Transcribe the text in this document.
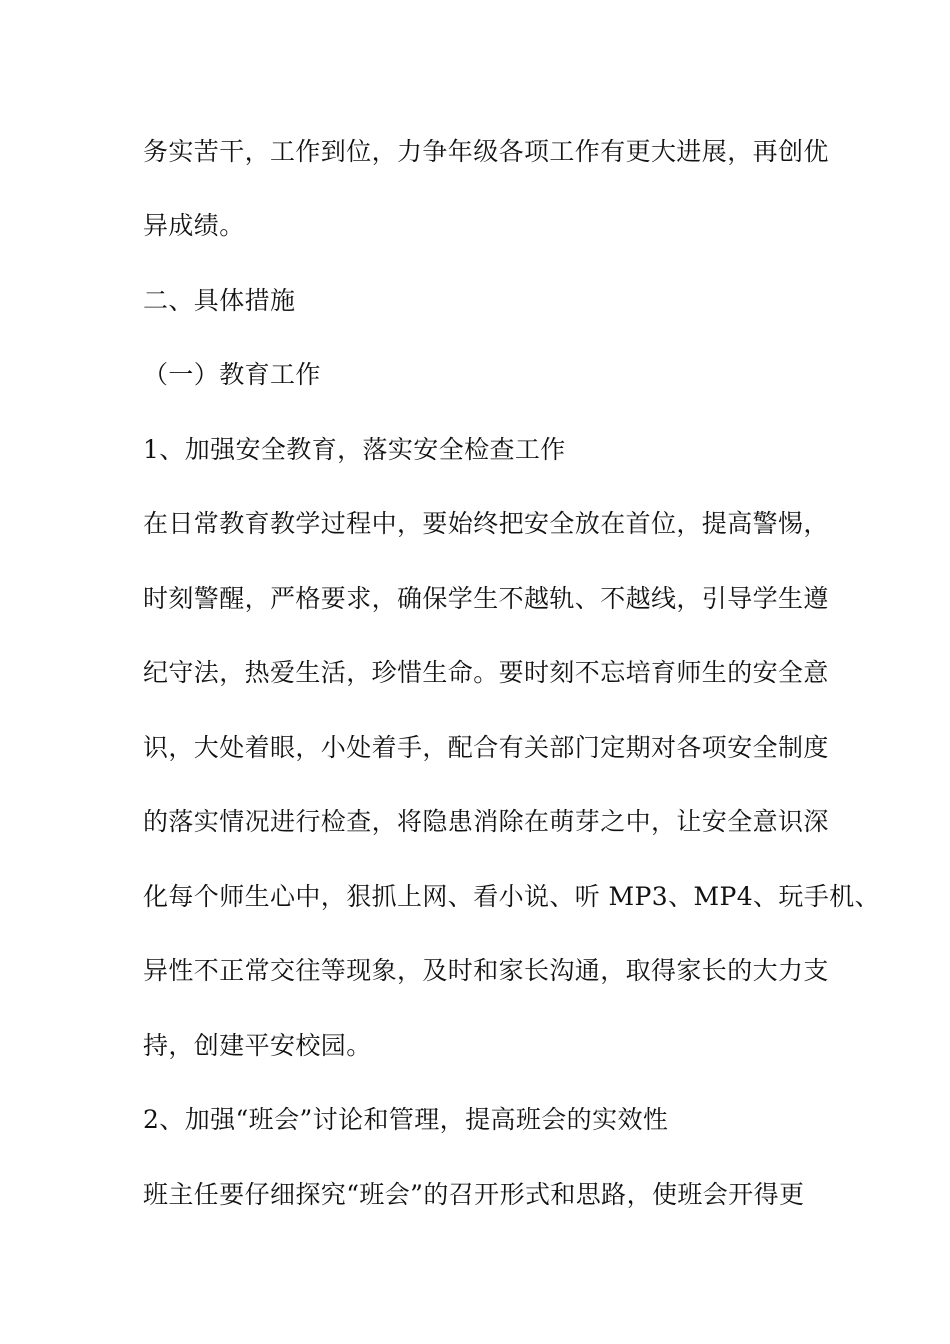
务实苦干，工作到位，力争年级各项工作有更大进展，再创优
异成绩。
二、具体措施
（一）教育工作
1、加强安全教育，落实安全检查工作
在日常教育教学过程中，要始终把安全放在首位，提高警惕，
时刻警醒，严格要求，确保学生不越轨、不越线，引导学生遵
纪守法，热爱生活，珍惜生命。要时刻不忘培育师生的安全意
识，大处着眼，小处着手，配合有关部门定期对各项安全制度
的落实情况进行检查，将隐患消除在萌芽之中，让安全意识深
化每个师生心中，狠抓上网、看小说、听 MP3、MP4、玩手机、
异性不正常交往等现象，及时和家长沟通，取得家长的大力支
持，创建平安校园。
2、加强“班会”讨论和管理，提高班会的实效性
班主任要仔细探究“班会”的召开形式和思路，使班会开得更
